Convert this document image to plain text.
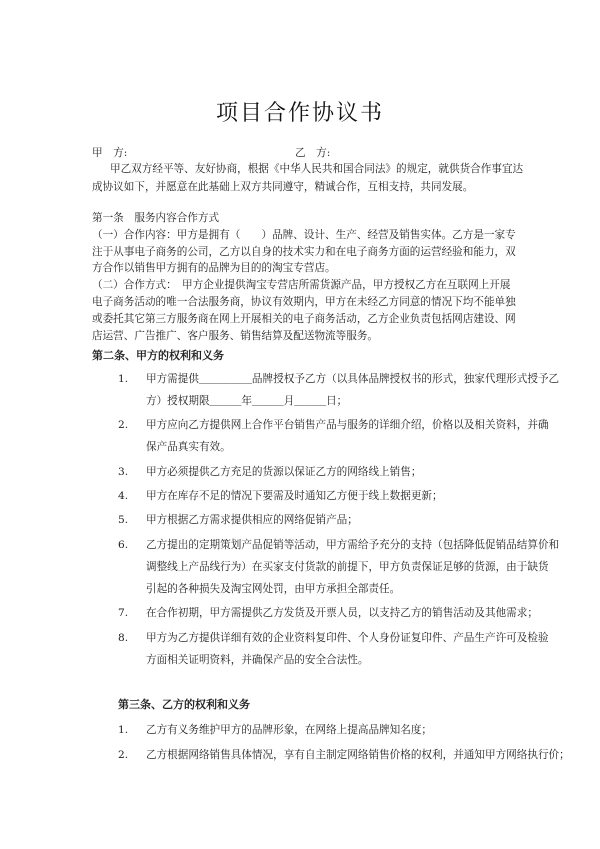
项目合作协议书
甲　方:	乙　方:
甲乙双方经平等、友好协商，根据《中华人民共和国合同法》的规定，就供货合作事宜达
成协议如下，并愿意在此基础上双方共同遵守，精诚合作，互相支持，共同发展。
第一条　服务内容合作方式
（一）合作内容：甲方是拥有（　　）品牌、设计、生产、经营及销售实体。乙方是一家专
注于从事电子商务的公司，乙方以自身的技术实力和在电子商务方面的运营经验和能力，双
方合作以销售甲方拥有的品牌为目的的淘宝专营店。
（二）合作方式：　甲方企业提供淘宝专营店所需货源产品，甲方授权乙方在互联网上开展
电子商务活动的唯一合法服务商，协议有效期内，甲方在未经乙方同意的情况下均不能单独
或委托其它第三方服务商在网上开展相关的电子商务活动，乙方企业负责包括网店建设、网
店运营、广告推广、客户服务、销售结算及配送物流等服务。
第二条、甲方的权利和义务
1. 甲方需提供＿＿＿＿＿品牌授权予乙方（以具体品牌授权书的形式，独家代理形式授予乙
方）授权期限＿＿＿年＿＿＿月＿＿＿日；
2. 甲方应向乙方提供网上合作平台销售产品与服务的详细介绍，价格以及相关资料，并确
保产品真实有效。
3. 甲方必须提供乙方充足的货源以保证乙方的网络线上销售；
4. 甲方在库存不足的情况下要需及时通知乙方便于线上数据更新；
5. 甲方根据乙方需求提供相应的网络促销产品；
6. 乙方提出的定期策划产品促销等活动，甲方需给予充分的支持（包括降低促销品结算价和
调整线上产品线行为）在买家支付货款的前提下，甲方负责保证足够的货源，由于缺货
引起的各种损失及淘宝网处罚，由甲方承担全部责任。
7. 在合作初期，甲方需提供乙方发货及开票人员，以支持乙方的销售活动及其他需求；
8. 甲方为乙方提供详细有效的企业资料复印件、个人身份证复印件、产品生产许可及检验
方面相关证明资料，并确保产品的安全合法性。
第三条、乙方的权利和义务
1. 乙方有义务维护甲方的品牌形象，在网络上提高品牌知名度；
2. 乙方根据网络销售具体情况，享有自主制定网络销售价格的权利，并通知甲方网络执行价；
